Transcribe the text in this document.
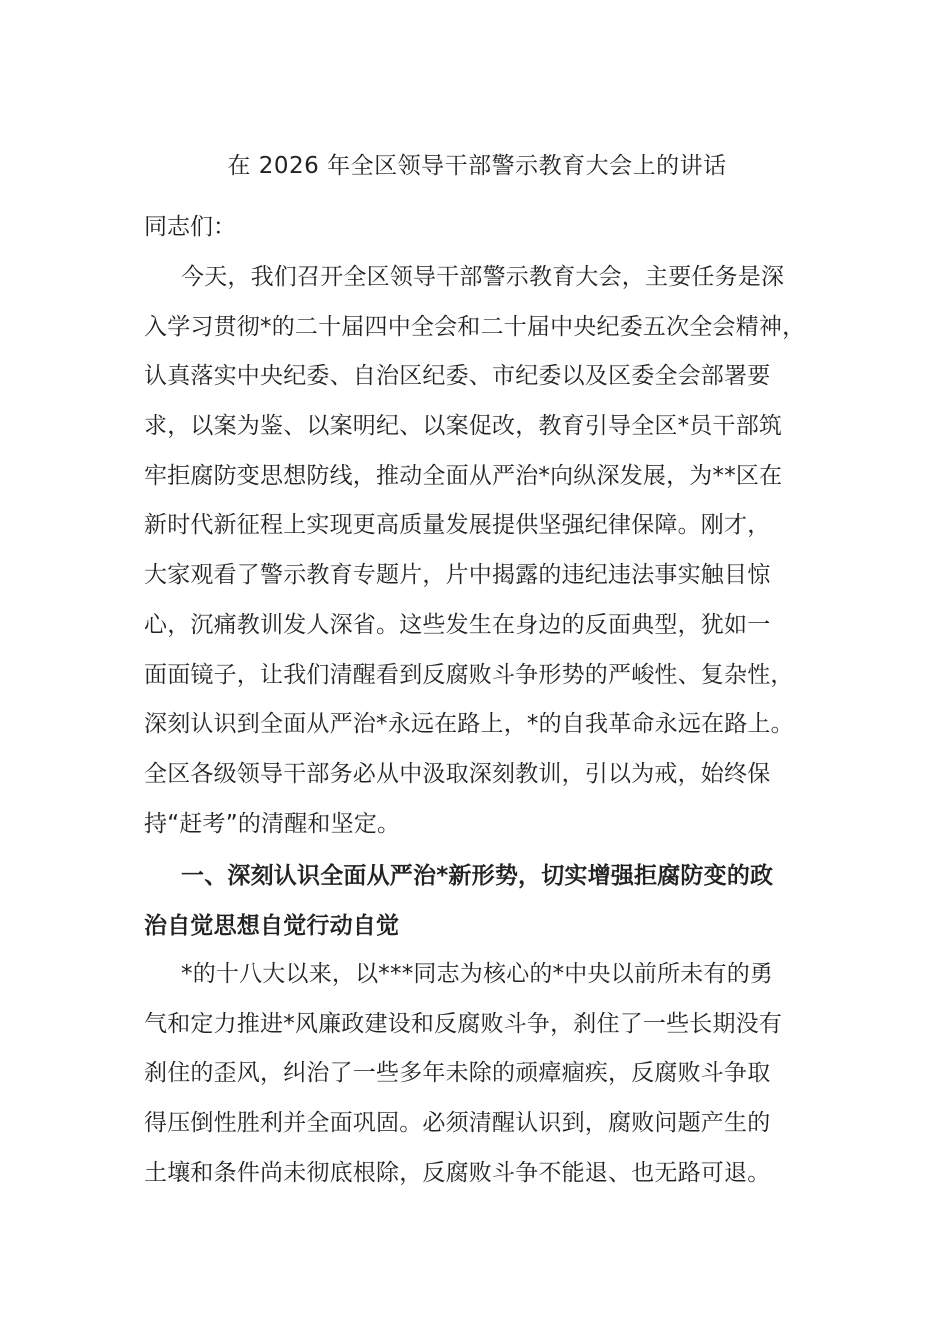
在 2026 年全区领导干部警示教育大会上的讲话
同志们：
今天，我们召开全区领导干部警示教育大会，主要任务是深
入学习贯彻*的二十届四中全会和二十届中央纪委五次全会精神，
认真落实中央纪委、自治区纪委、市纪委以及区委全会部署要
求，以案为鉴、以案明纪、以案促改，教育引导全区*员干部筑
牢拒腐防变思想防线，推动全面从严治*向纵深发展，为**区在
新时代新征程上实现更高质量发展提供坚强纪律保障。刚才，
大家观看了警示教育专题片，片中揭露的违纪违法事实触目惊
心，沉痛教训发人深省。这些发生在身边的反面典型，犹如一
面面镜子，让我们清醒看到反腐败斗争形势的严峻性、复杂性，
深刻认识到全面从严治*永远在路上，*的自我革命永远在路上。
全区各级领导干部务必从中汲取深刻教训，引以为戒，始终保
持“赶考”的清醒和坚定。
一、深刻认识全面从严治*新形势，切实增强拒腐防变的政
治自觉思想自觉行动自觉
*的十八大以来，以***同志为核心的*中央以前所未有的勇
气和定力推进*风廉政建设和反腐败斗争，刹住了一些长期没有
刹住的歪风，纠治了一些多年未除的顽瘴痼疾，反腐败斗争取
得压倒性胜利并全面巩固。必须清醒认识到，腐败问题产生的
土壤和条件尚未彻底根除，反腐败斗争不能退、也无路可退。
